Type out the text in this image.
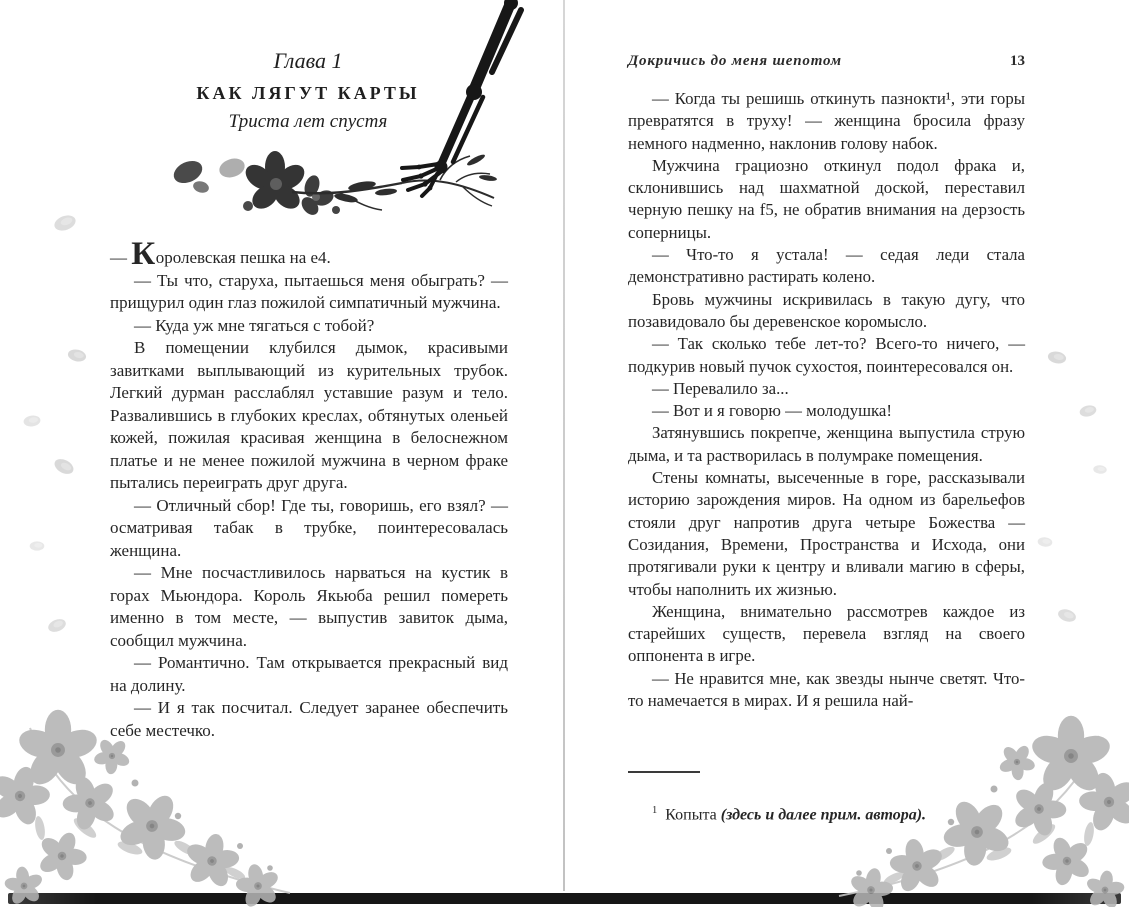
Глава 1
КАК ЛЯГУТ КАРТЫ
Триста лет спустя

— Королевская пешка на e4.

— Ты что, старуха, пытаешься меня обыграть? — прищурил один глаз пожилой симпатичный мужчина.

— Куда уж мне тягаться с тобой?

В помещении клубился дымок, красивыми завитками выплывающий из курительных трубок. Легкий дурман расслаблял уставшие разум и тело. Развалившись в глубоких креслах, обтянутых оленьей кожей, пожилая красивая женщина в белоснежном платье и не менее пожилой мужчина в черном фраке пытались переиграть друг друга.

— Отличный сбор! Где ты, говоришь, его взял? — осматривая табак в трубке, поинтересовалась женщина.

— Мне посчастливилось нарваться на кустик в горах Мьюндора. Король Якьюба решил помереть именно в том месте, — выпустив завиток дыма, сообщил мужчина.

— Романтично. Там открывается прекрасный вид на долину.

— И я так посчитал. Следует заранее обеспечить себе местечко.

Докричись до меня шепотом	13

— Когда ты решишь откинуть пазнокти¹, эти горы превратятся в труху! — женщина бросила фразу немного надменно, наклонив голову набок.

Мужчина грациозно откинул подол фрака и, склонившись над шахматной доской, переставил черную пешку на f5, не обратив внимания на дерзость соперницы.

— Что-то я устала! — седая леди стала демонстративно растирать колено.

Бровь мужчины искривилась в такую дугу, что позавидовало бы деревенское коромысло.

— Так сколько тебе лет-то? Всего-то ничего, — подкурив новый пучок сухостоя, поинтересовался он.

— Перевалило за...

— Вот и я говорю — молодушка!

Затянувшись покрепче, женщина выпустила струю дыма, и та растворилась в полумраке помещения.

Стены комнаты, высеченные в горе, рассказывали историю зарождения миров. На одном из барельефов стояли друг напротив друга четыре Божества — Созидания, Времени, Пространства и Исхода, они протягивали руки к центру и вливали магию в сферы, чтобы наполнить их жизнью.

Женщина, внимательно рассмотрев каждое из старейших существ, перевела взгляд на своего оппонента в игре.

— Не нравится мне, как звезды нынче светят. Что-то намечается в мирах. И я решила най-

$^1$ Копыта (здесь и далее прим. автора).
